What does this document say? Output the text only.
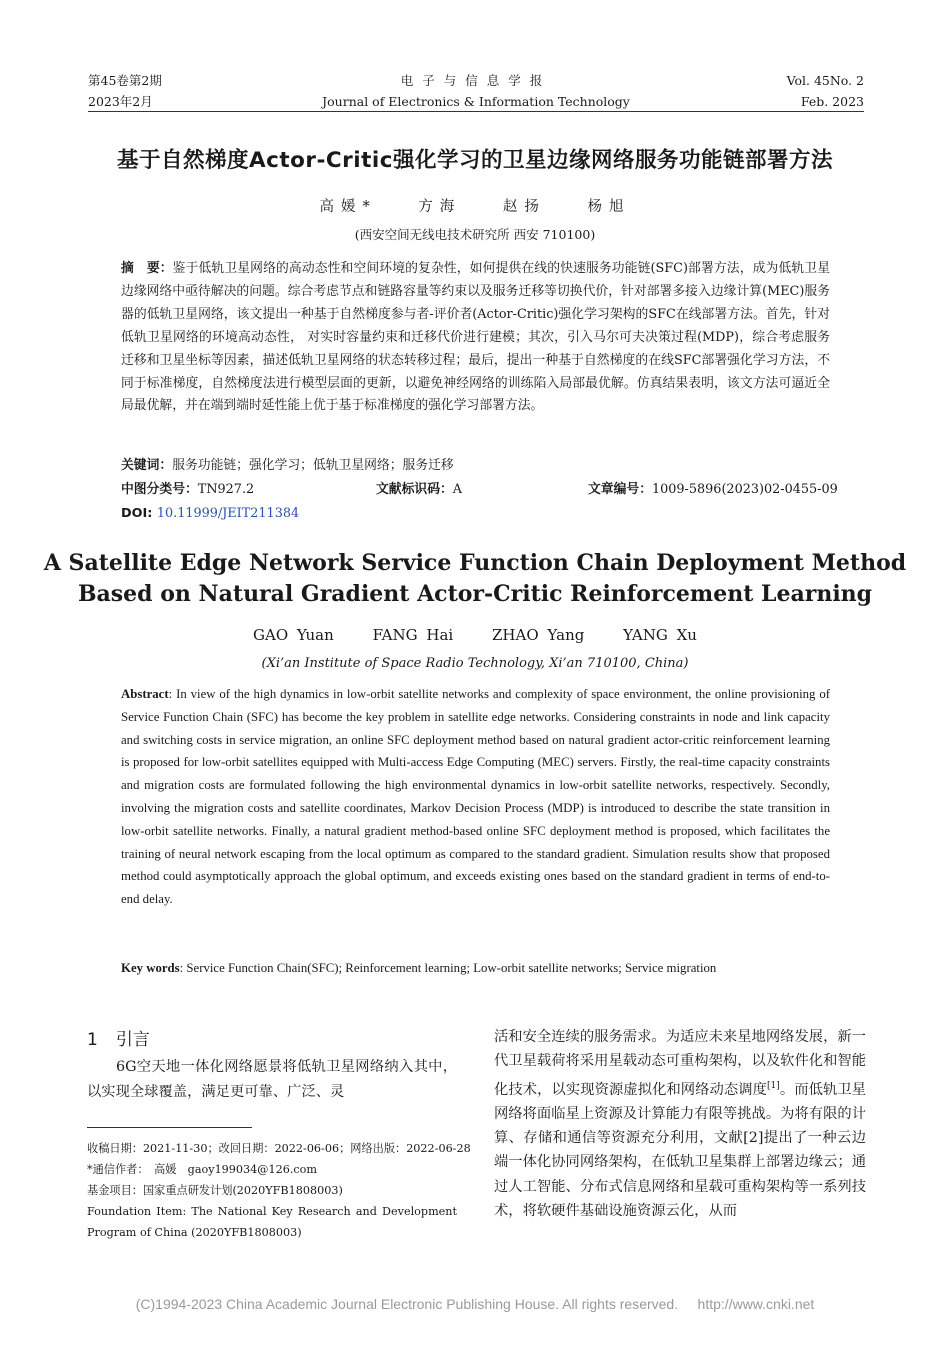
第45卷第2期
2023年2月
电子与信息学报
Journal of Electronics & Information Technology
Vol. 45No. 2
Feb. 2023
基于自然梯度Actor-Critic强化学习的卫星边缘网络服务功能链部署方法
高媛*	方海	赵扬	杨旭
(西安空间无线电技术研究所 西安 710100)
摘　要：鉴于低轨卫星网络的高动态性和空间环境的复杂性，如何提供在线的快速服务功能链(SFC)部署方法，成为低轨卫星边缘网络中亟待解决的问题。综合考虑节点和链路容量等约束以及服务迁移等切换代价，针对部署多接入边缘计算(MEC)服务器的低轨卫星网络，该文提出一种基于自然梯度参与者-评价者(Actor-Critic)强化学习架构的SFC在线部署方法。首先，针对低轨卫星网络的环境高动态性， 对实时容量约束和迁移代价进行建模；其次，引入马尔可夫决策过程(MDP)，综合考虑服务迁移和卫星坐标等因素，描述低轨卫星网络的状态转移过程；最后，提出一种基于自然梯度的在线SFC部署强化学习方法，不同于标准梯度，自然梯度法进行模型层面的更新，以避免神经网络的训练陷入局部最优解。仿真结果表明，该文方法可逼近全局最优解，并在端到端时延性能上优于基于标准梯度的强化学习部署方法。
关键词：服务功能链；强化学习；低轨卫星网络；服务迁移
中图分类号：TN927.2	文献标识码：A	文章编号：1009-5896(2023)02-0455-09
DOI: 10.11999/JEIT211384
A Satellite Edge Network Service Function Chain Deployment Method
Based on Natural Gradient Actor-Critic Reinforcement Learning
GAO Yuan	FANG Hai	ZHAO Yang	YANG Xu
(Xi’an Institute of Space Radio Technology, Xi’an 710100, China)
Abstract: In view of the high dynamics in low-orbit satellite networks and complexity of space environment, the online provisioning of Service Function Chain (SFC) has become the key problem in satellite edge networks. Considering constraints in node and link capacity and switching costs in service migration, an online SFC deployment method based on natural gradient actor-critic reinforcement learning is proposed for low-orbit satellites equipped with Multi-access Edge Computing (MEC) servers. Firstly, the real-time capacity constraints and migration costs are formulated following the high environmental dynamics in low-orbit satellite networks, respectively. Secondly, involving the migration costs and satellite coordinates, Markov Decision Process (MDP) is introduced to describe the state transition in low-orbit satellite networks. Finally, a natural gradient method-based online SFC deployment method is proposed, which facilitates the training of neural network escaping from the local optimum as compared to the standard gradient. Simulation results show that proposed method could asymptotically approach the global optimum, and exceeds existing ones based on the standard gradient in terms of end-to-end delay.
Key words: Service Function Chain(SFC); Reinforcement learning; Low-orbit satellite networks; Service migration
1 引言
6G空天地一体化网络愿景将低轨卫星网络纳入其中，以实现全球覆盖，满足更可靠、广泛、灵
活和安全连续的服务需求。为适应未来星地网络发展，新一代卫星载荷将采用星载动态可重构架构，以及软件化和智能化技术，以实现资源虚拟化和网络动态调度[1]。而低轨卫星网络将面临星上资源及计算能力有限等挑战。为将有限的计算、存储和通信等资源充分利用，文献[2]提出了一种云边端一体化协同网络架构，在低轨卫星集群上部署边缘云；通过人工智能、分布式信息网络和星载可重构架构等一系列技术，将软硬件基础设施资源云化，从而
收稿日期：2021-11-30；改回日期：2022-06-06；网络出版：2022-06-28
*通信作者：　高媛　gaoy199034@126.com
基金项目：国家重点研发计划(2020YFB1808003)
Foundation Item: The National Key Research and Development Program of China (2020YFB1808003)
(C)1994-2023 China Academic Journal Electronic Publishing House. All rights reserved.     http://www.cnki.net
